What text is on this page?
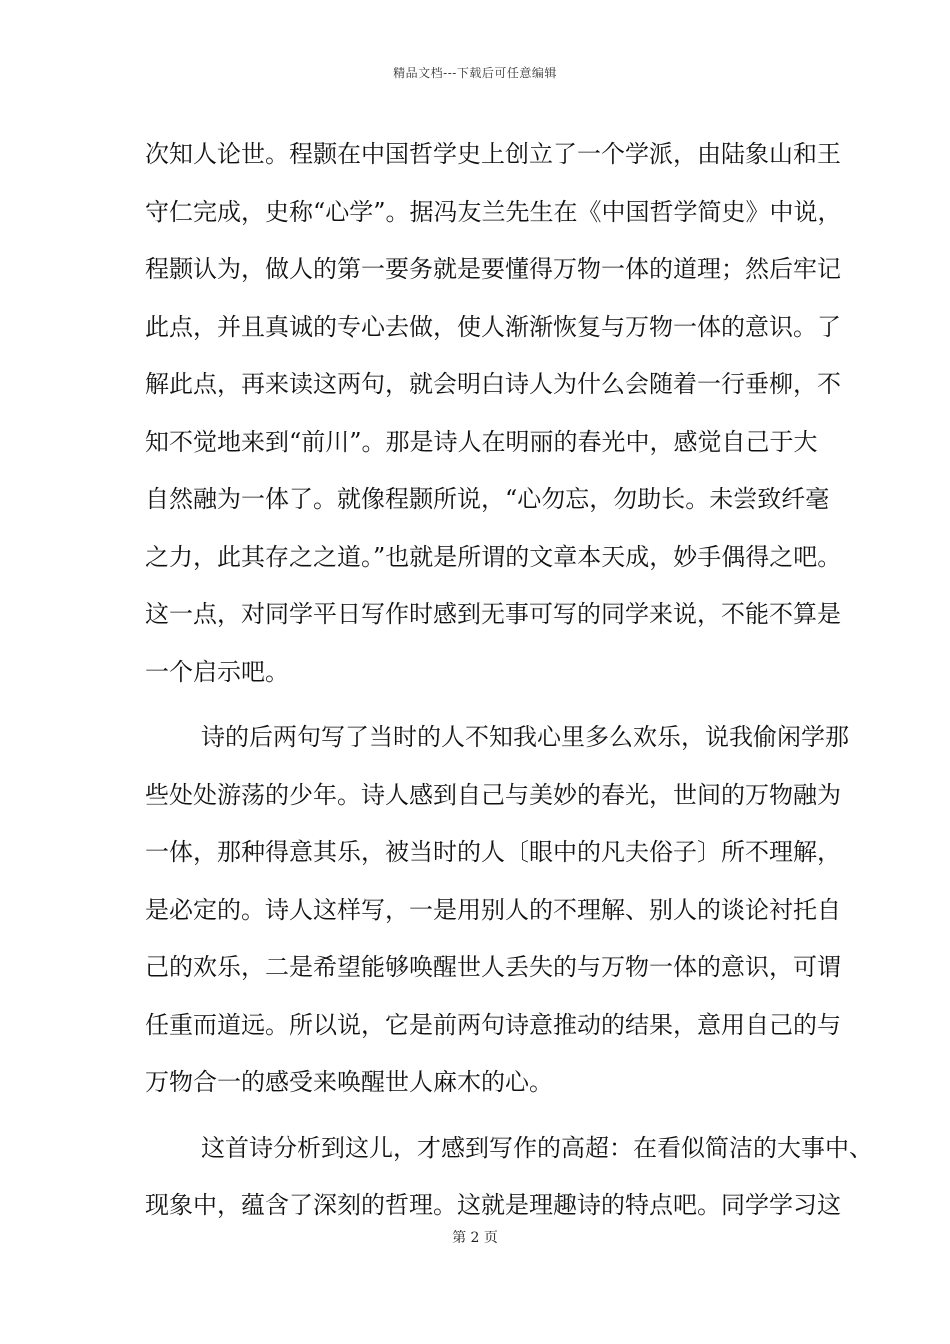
精品文档---下载后可任意编辑
次知人论世。程颢在中国哲学史上创立了一个学派，由陆象山和王
守仁完成，史称“心学”。据冯友兰先生在《中国哲学简史》中说，
程颢认为，做人的第一要务就是要懂得万物一体的道理；然后牢记
此点，并且真诚的专心去做，使人渐渐恢复与万物一体的意识。了
解此点，再来读这两句，就会明白诗人为什么会随着一行垂柳，不
知不觉地来到“前川”。那是诗人在明丽的春光中，感觉自己于大
自然融为一体了。就像程颢所说，“心勿忘，勿助长。未尝致纤毫
之力，此其存之之道。”也就是所谓的文章本天成，妙手偶得之吧。
这一点，对同学平日写作时感到无事可写的同学来说，不能不算是
一个启示吧。
诗的后两句写了当时的人不知我心里多么欢乐，说我偷闲学那
些处处游荡的少年。诗人感到自己与美妙的春光，世间的万物融为
一体，那种得意其乐，被当时的人〔眼中的凡夫俗子〕所不理解，
是必定的。诗人这样写，一是用别人的不理解、别人的谈论衬托自
己的欢乐，二是希望能够唤醒世人丢失的与万物一体的意识，可谓
任重而道远。所以说，它是前两句诗意推动的结果，意用自己的与
万物合一的感受来唤醒世人麻木的心。
这首诗分析到这儿，才感到写作的高超：在看似简洁的大事中、
现象中，蕴含了深刻的哲理。这就是理趣诗的特点吧。同学学习这
第 2 页
